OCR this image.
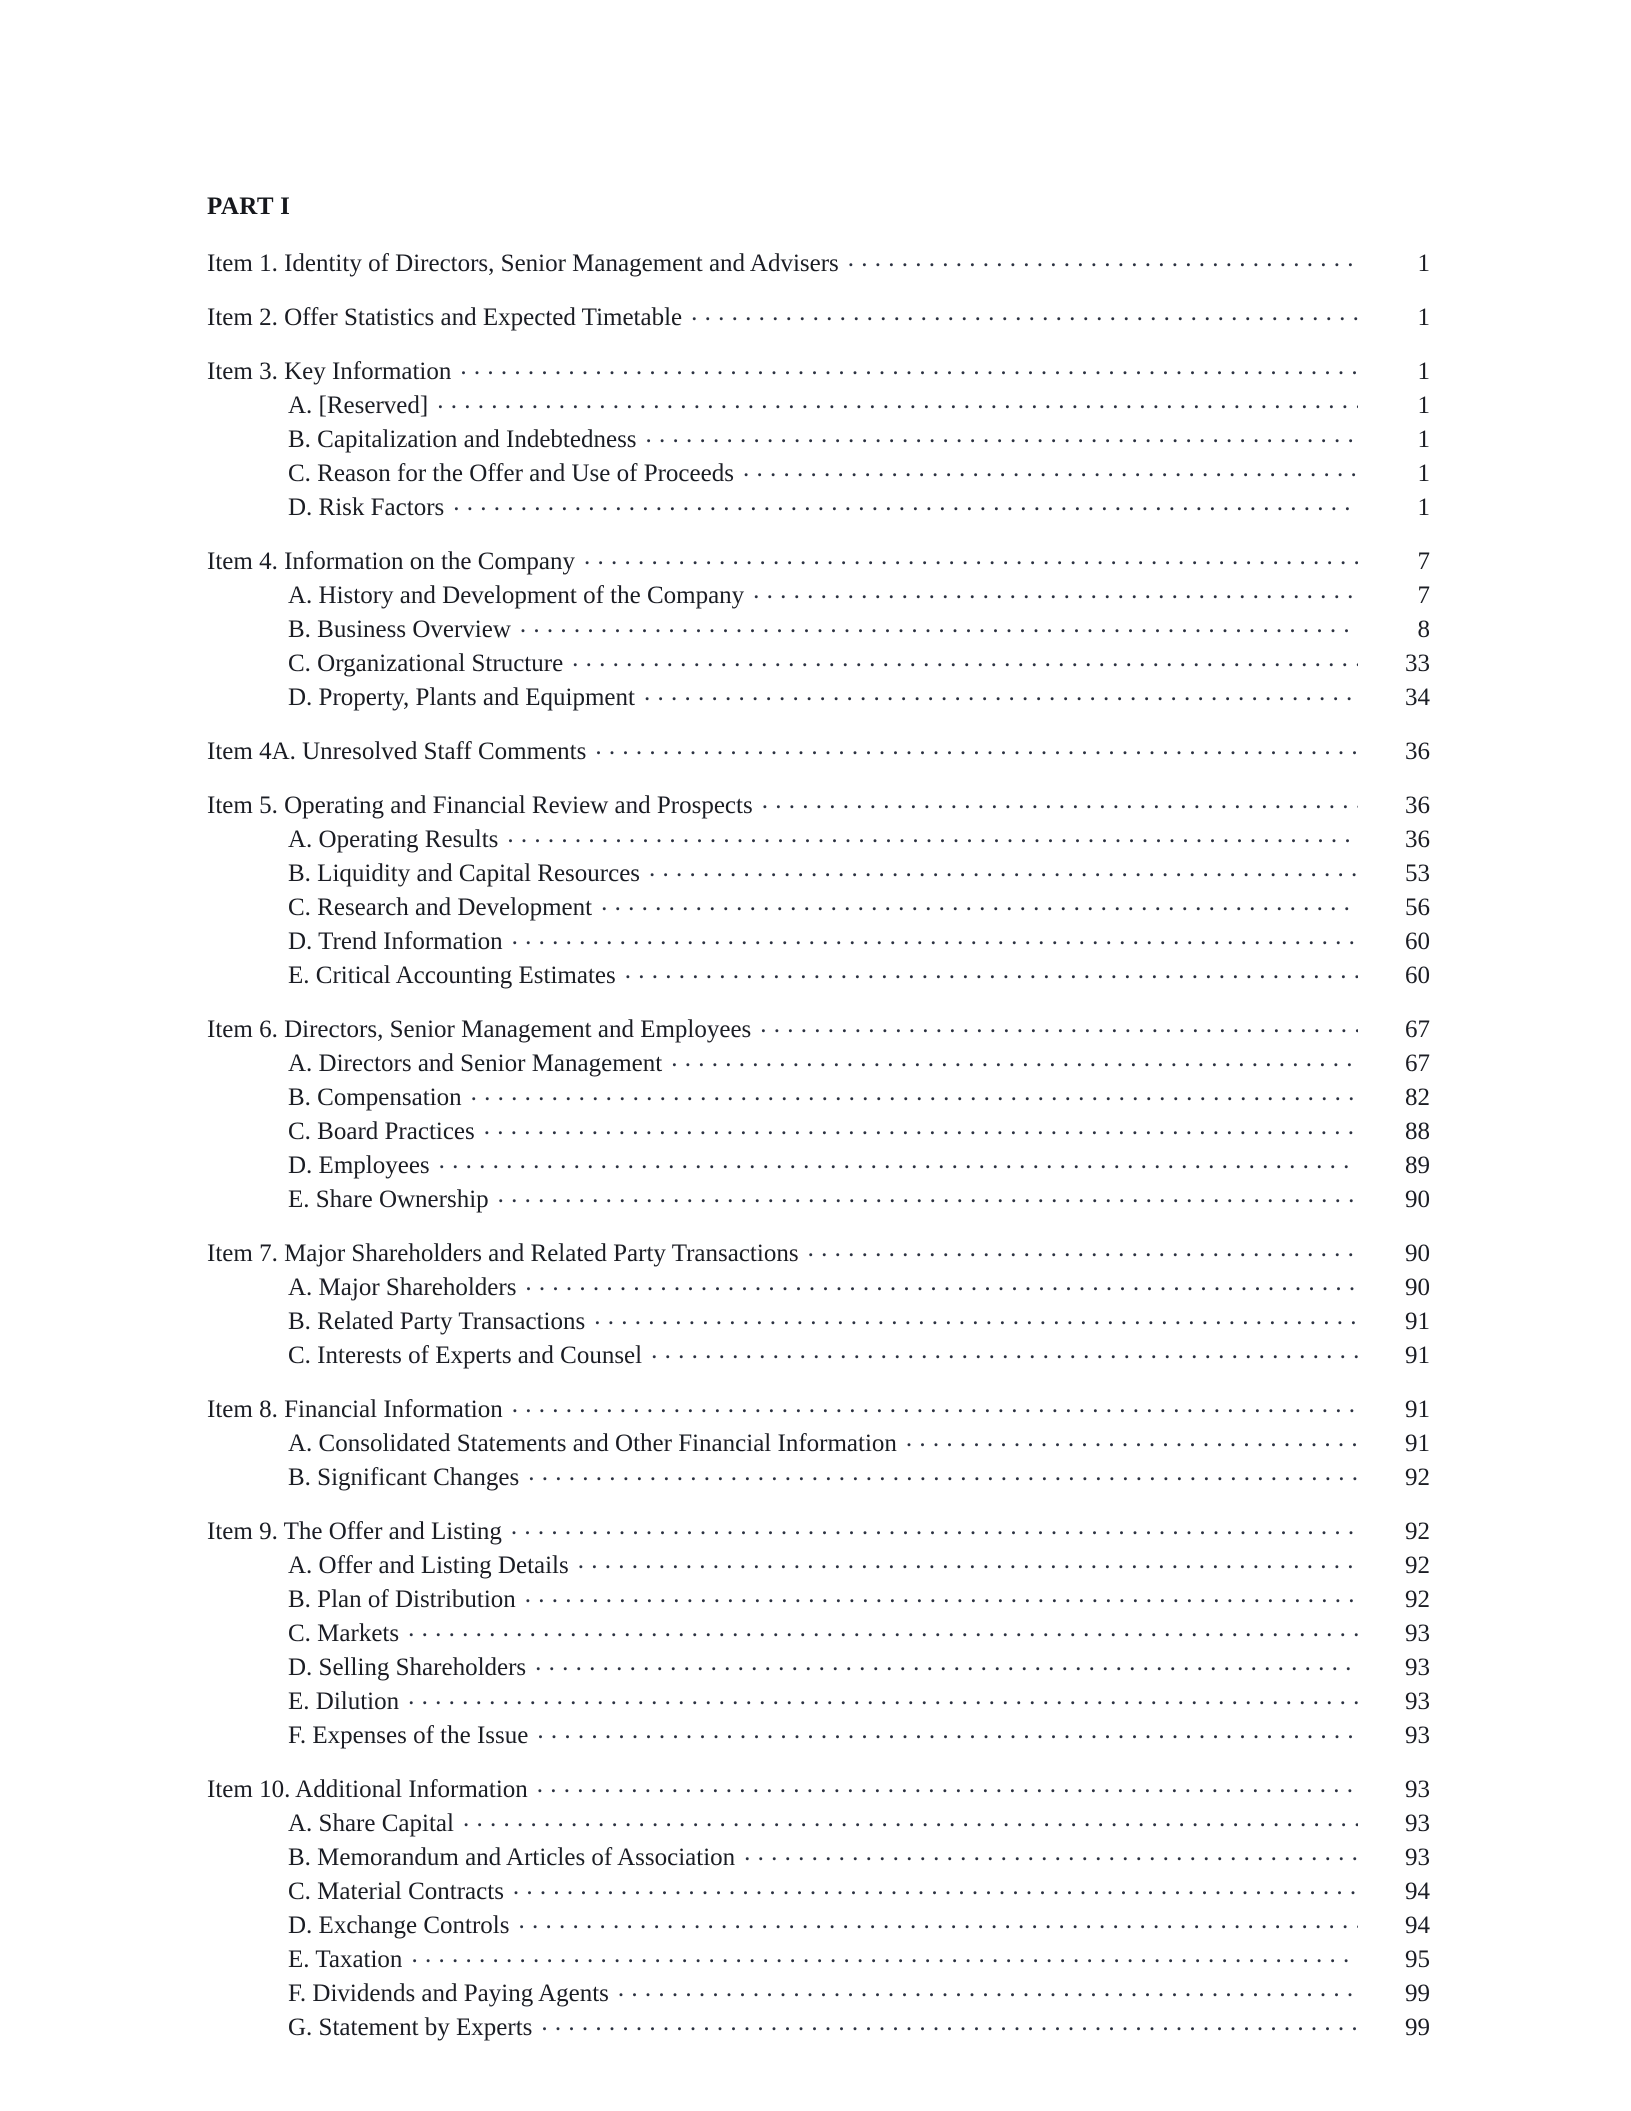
PART I
Item 1. Identity of Directors, Senior Management and Advisers . . .	1
Item 2. Offer Statistics and Expected Timetable . . .	1
Item 3. Key Information . . .	1
A. [Reserved] . . .	1
B. Capitalization and Indebtedness . . .	1
C. Reason for the Offer and Use of Proceeds . . .	1
D. Risk Factors . . .	1
Item 4. Information on the Company . . .	7
A. History and Development of the Company . . .	7
B. Business Overview . . .	8
C. Organizational Structure . . .	33
D. Property, Plants and Equipment . . .	34
Item 4A. Unresolved Staff Comments . . .	36
Item 5. Operating and Financial Review and Prospects . . .	36
A. Operating Results . . .	36
B. Liquidity and Capital Resources . . .	53
C. Research and Development . . .	56
D. Trend Information . . .	60
E. Critical Accounting Estimates . . .	60
Item 6. Directors, Senior Management and Employees . . .	67
A. Directors and Senior Management . . .	67
B. Compensation . . .	82
C. Board Practices . . .	88
D. Employees . . .	89
E. Share Ownership . . .	90
Item 7. Major Shareholders and Related Party Transactions . . .	90
A. Major Shareholders . . .	90
B. Related Party Transactions . . .	91
C. Interests of Experts and Counsel . . .	91
Item 8. Financial Information . . .	91
A. Consolidated Statements and Other Financial Information . . .	91
B. Significant Changes . . .	92
Item 9. The Offer and Listing . . .	92
A. Offer and Listing Details . . .	92
B. Plan of Distribution . . .	92
C. Markets . . .	93
D. Selling Shareholders . . .	93
E. Dilution . . .	93
F. Expenses of the Issue . . .	93
Item 10. Additional Information . . .	93
A. Share Capital . . .	93
B. Memorandum and Articles of Association . . .	93
C. Material Contracts . . .	94
D. Exchange Controls . . .	94
E. Taxation . . .	95
F. Dividends and Paying Agents . . .	99
G. Statement by Experts . . .	99
